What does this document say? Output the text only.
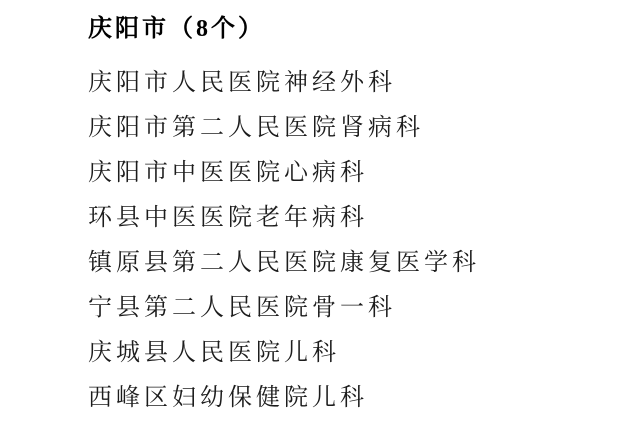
庆阳市（8个）
庆阳市人民医院神经外科
庆阳市第二人民医院肾病科
庆阳市中医医院心病科
环县中医医院老年病科
镇原县第二人民医院康复医学科
宁县第二人民医院骨一科
庆城县人民医院儿科
西峰区妇幼保健院儿科
